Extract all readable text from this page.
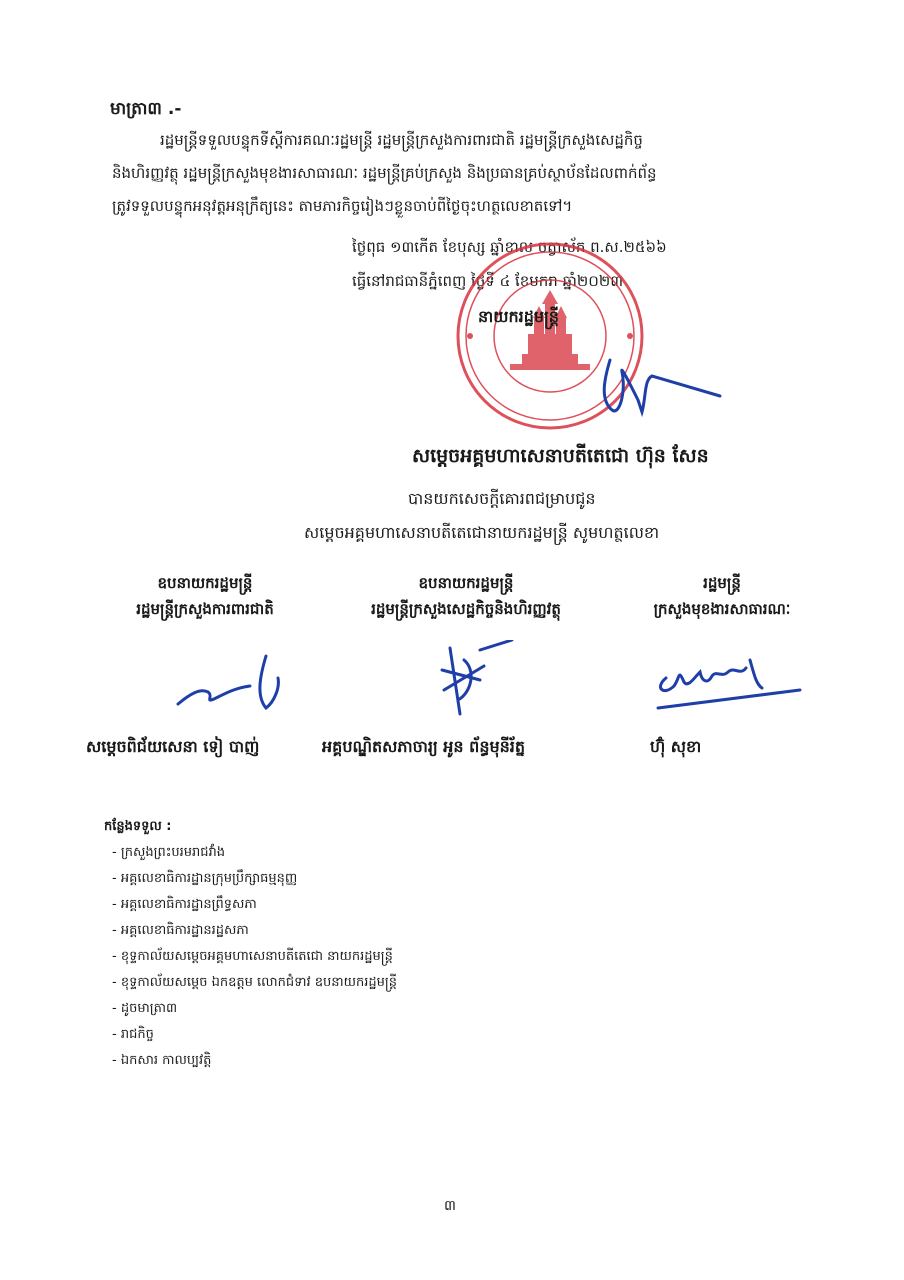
មាត្រា៣ .-
រដ្ឋមន្ត្រីទទួលបន្ទុកទីស្តីការគណៈរដ្ឋមន្ត្រី រដ្ឋមន្ត្រីក្រសួងការពារជាតិ រដ្ឋមន្ត្រីក្រសួងសេដ្ឋកិច្ច
និងហិរញ្ញវត្ថុ រដ្ឋមន្ត្រីក្រសួងមុខងារសាធារណៈ រដ្ឋមន្ត្រីគ្រប់ក្រសួង និងប្រធានគ្រប់ស្ថាប័នដែលពាក់ព័ន្ធ
ត្រូវទទួលបន្ទុកអនុវត្តអនុក្រឹត្យនេះ តាមភារកិច្ចរៀងៗខ្លួនចាប់ពីថ្ងៃចុះហត្ថលេខាតទៅ។
ថ្ងៃពុធ ១៣កើត ខែបុស្ស ឆ្នាំខាល ចត្វាស័ក ព.ស.២៥៦៦
ធ្វើនៅរាជធានីភ្នំពេញ ថ្ងៃទី ៤ ខែមករា ឆ្នាំ២០២៣
នាយករដ្ឋមន្ត្រី
សម្តេចអគ្គមហាសេនាបតីតេជោ ហ៊ុន សែន
បានយកសេចក្តីគោរពជម្រាបជូន
សម្តេចអគ្គមហាសេនាបតីតេជោនាយករដ្ឋមន្ត្រី សូមហត្ថលេខា
ឧបនាយករដ្ឋមន្ត្រី	ឧបនាយករដ្ឋមន្ត្រី	រដ្ឋមន្ត្រី
រដ្ឋមន្ត្រីក្រសួងការពារជាតិ	រដ្ឋមន្ត្រីក្រសួងសេដ្ឋកិច្ចនិងហិរញ្ញវត្ថុ	ក្រសួងមុខងារសាធារណៈ
សម្តេចពិជ័យសេនា ទៀ បាញ់	អគ្គបណ្ឌិតសភាចារ្យ អូន ព័ន្ធមុនីរ័ត្ន	ហ៊ុំ សុខា
កន្លែងទទួល :
- ក្រសួងព្រះបរមរាជវាំង
- អគ្គលេខាធិការដ្ឋានក្រុមប្រឹក្សាធម្មនុញ្ញ
- អគ្គលេខាធិការដ្ឋានព្រឹទ្ធសភា
- អគ្គលេខាធិការដ្ឋានរដ្ឋសភា
- ខុទ្ទកាល័យសម្តេចអគ្គមហាសេនាបតីតេជោ នាយករដ្ឋមន្ត្រី
- ខុទ្ទកាល័យសម្តេច ឯកឧត្តម លោកជំទាវ ឧបនាយករដ្ឋមន្ត្រី
- ដូចមាត្រា៣
- រាជកិច្ច
- ឯកសារ កាលប្បវត្តិ
៣
